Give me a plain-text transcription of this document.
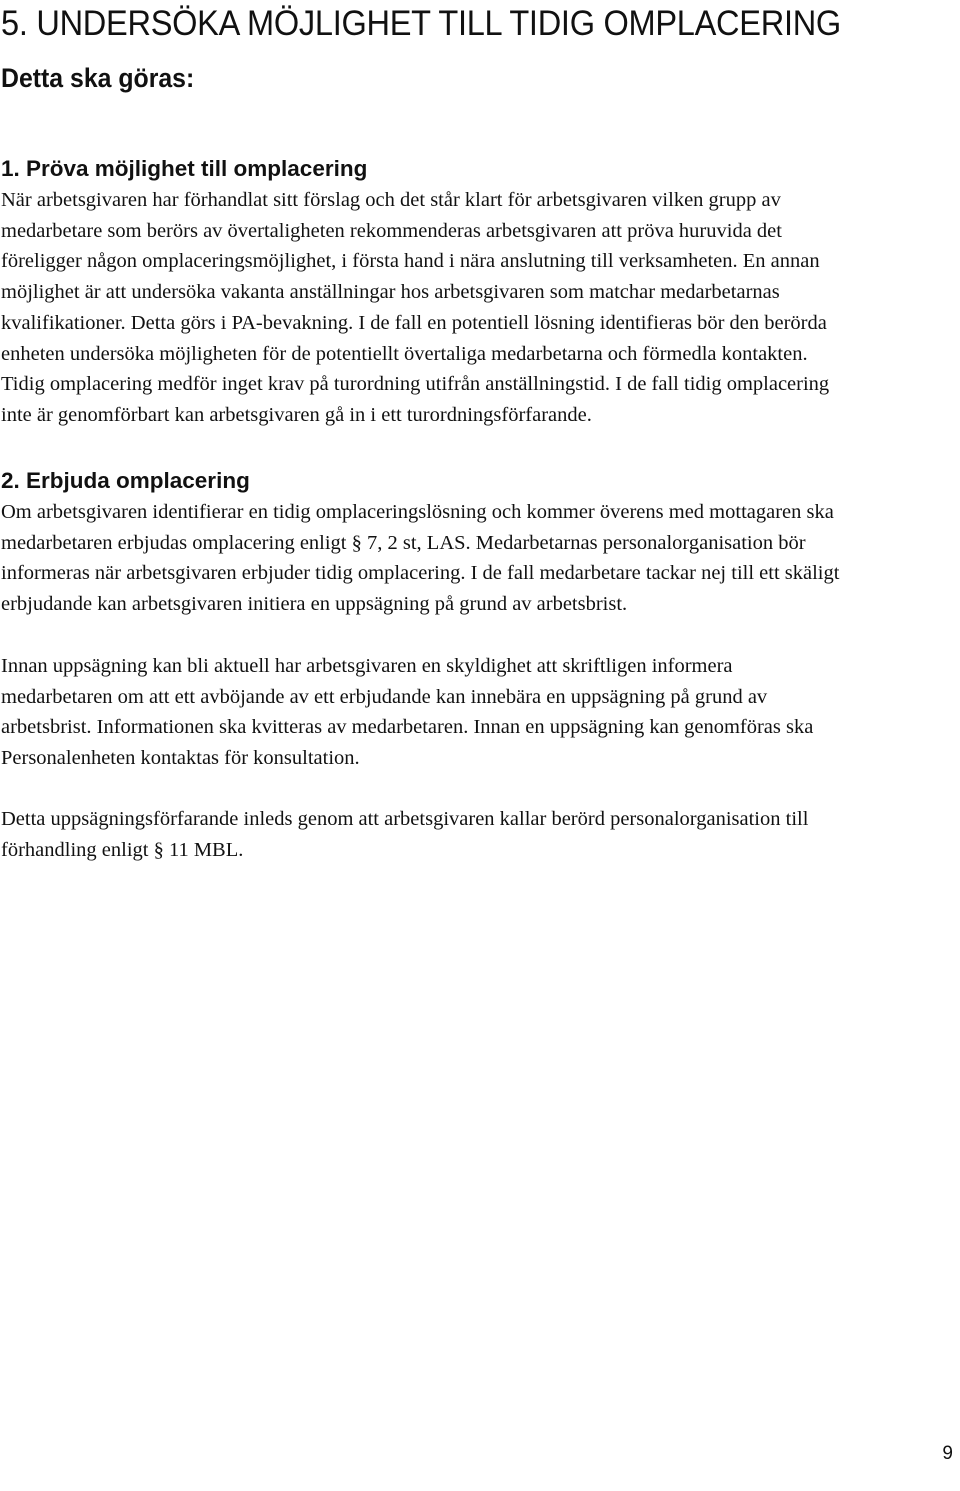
5. UNDERSÖKA MÖJLIGHET TILL TIDIG OMPLACERING
Detta ska göras:
1. Pröva möjlighet till omplacering

När arbetsgivaren har förhandlat sitt förslag och det står klart för arbetsgivaren vilken grupp av
medarbetare som berörs av övertaligheten rekommenderas arbetsgivaren att pröva huruvida det
föreligger någon omplaceringsmöjlighet, i första hand i nära anslutning till verksamheten. En annan
möjlighet är att undersöka vakanta anställningar hos arbetsgivaren som matchar medarbetarnas
kvalifikationer. Detta görs i PA-bevakning. I de fall en potentiell lösning identifieras bör den berörda
enheten undersöka möjligheten för de potentiellt övertaliga medarbetarna och förmedla kontakten.
Tidig omplacering medför inget krav på turordning utifrån anställningstid. I de fall tidig omplacering
inte är genomförbart kan arbetsgivaren gå in i ett turordningsförfarande.

2. Erbjuda omplacering

Om arbetsgivaren identifierar en tidig omplaceringslösning och kommer överens med mottagaren ska
medarbetaren erbjudas omplacering enligt § 7, 2 st, LAS. Medarbetarnas personalorganisation bör
informeras när arbetsgivaren erbjuder tidig omplacering. I de fall medarbetare tackar nej till ett skäligt
erbjudande kan arbetsgivaren initiera en uppsägning på grund av arbetsbrist.

Innan uppsägning kan bli aktuell har arbetsgivaren en skyldighet att skriftligen informera
medarbetaren om att ett avböjande av ett erbjudande kan innebära en uppsägning på grund av
arbetsbrist. Informationen ska kvitteras av medarbetaren. Innan en uppsägning kan genomföras ska
Personalenheten kontaktas för konsultation.

Detta uppsägningsförfarande inleds genom att arbetsgivaren kallar berörd personalorganisation till
förhandling enligt § 11 MBL.

9
